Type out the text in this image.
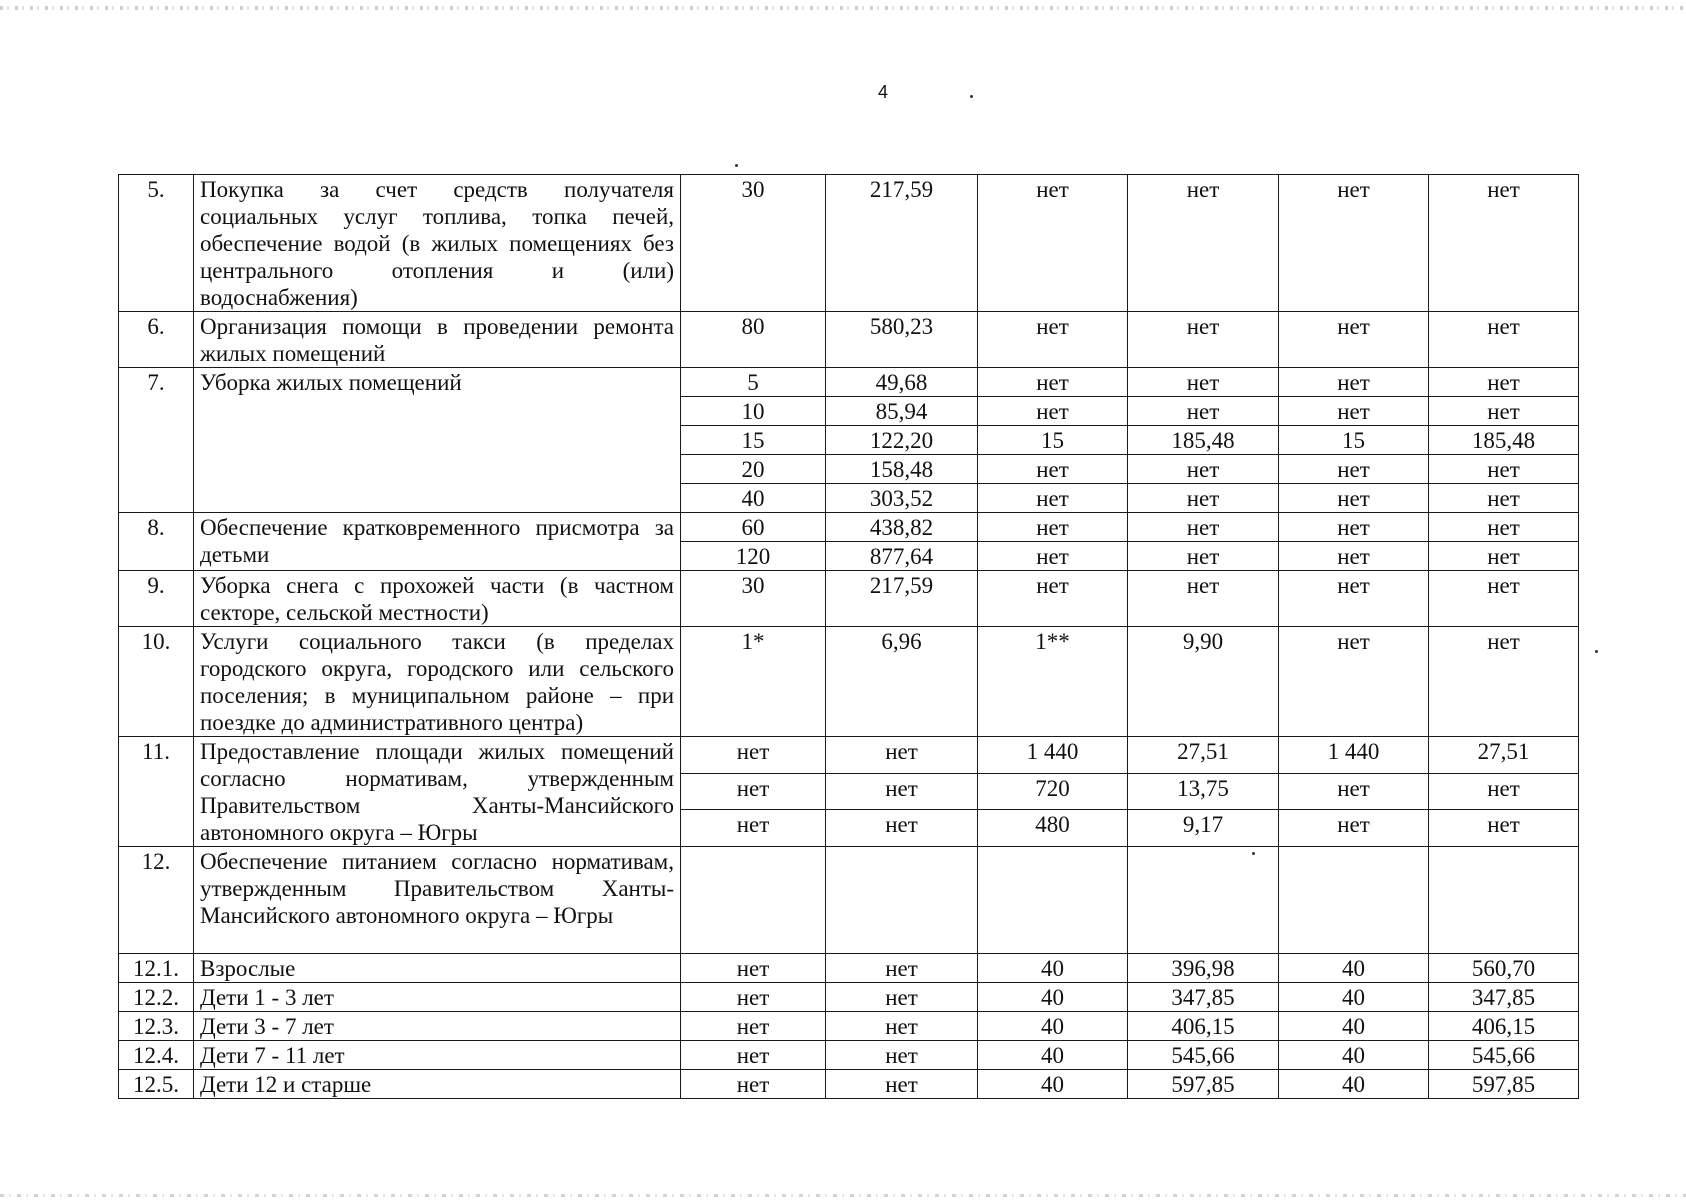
4
5.	Покупка за счет средств получателя социальных услуг топлива, топка печей, обеспечение водой (в жилых помещениях без центрального отопления и (или) водоснабжения)	30	217,59	нет	нет	нет	нет
6.	Организация помощи в проведении ремонта жилых помещений	80	580,23	нет	нет	нет	нет
7.	Уборка жилых помещений	5	49,68	нет	нет	нет	нет
		10	85,94	нет	нет	нет	нет
		15	122,20	15	185,48	15	185,48
		20	158,48	нет	нет	нет	нет
		40	303,52	нет	нет	нет	нет
8.	Обеспечение кратковременного присмотра за детьми	60	438,82	нет	нет	нет	нет
		120	877,64	нет	нет	нет	нет
9.	Уборка снега с прохожей части (в частном секторе, сельской местности)	30	217,59	нет	нет	нет	нет
10.	Услуги социального такси (в пределах городского округа, городского или сельского поселения; в муниципальном районе – при поездке до административного центра)	1*	6,96	1**	9,90	нет	нет
11.	Предоставление площади жилых помещений согласно нормативам, утвержденным Правительством Ханты-Мансийского автономного округа – Югры	нет	нет	1 440	27,51	1 440	27,51
		нет	нет	720	13,75	нет	нет
		нет	нет	480	9,17	нет	нет
12.	Обеспечение питанием согласно нормативам, утвержденным Правительством Ханты-Мансийского автономного округа – Югры						
12.1.	Взрослые	нет	нет	40	396,98	40	560,70
12.2.	Дети 1 - 3 лет	нет	нет	40	347,85	40	347,85
12.3.	Дети 3 - 7 лет	нет	нет	40	406,15	40	406,15
12.4.	Дети 7 - 11 лет	нет	нет	40	545,66	40	545,66
12.5.	Дети 12 и старше	нет	нет	40	597,85	40	597,85
